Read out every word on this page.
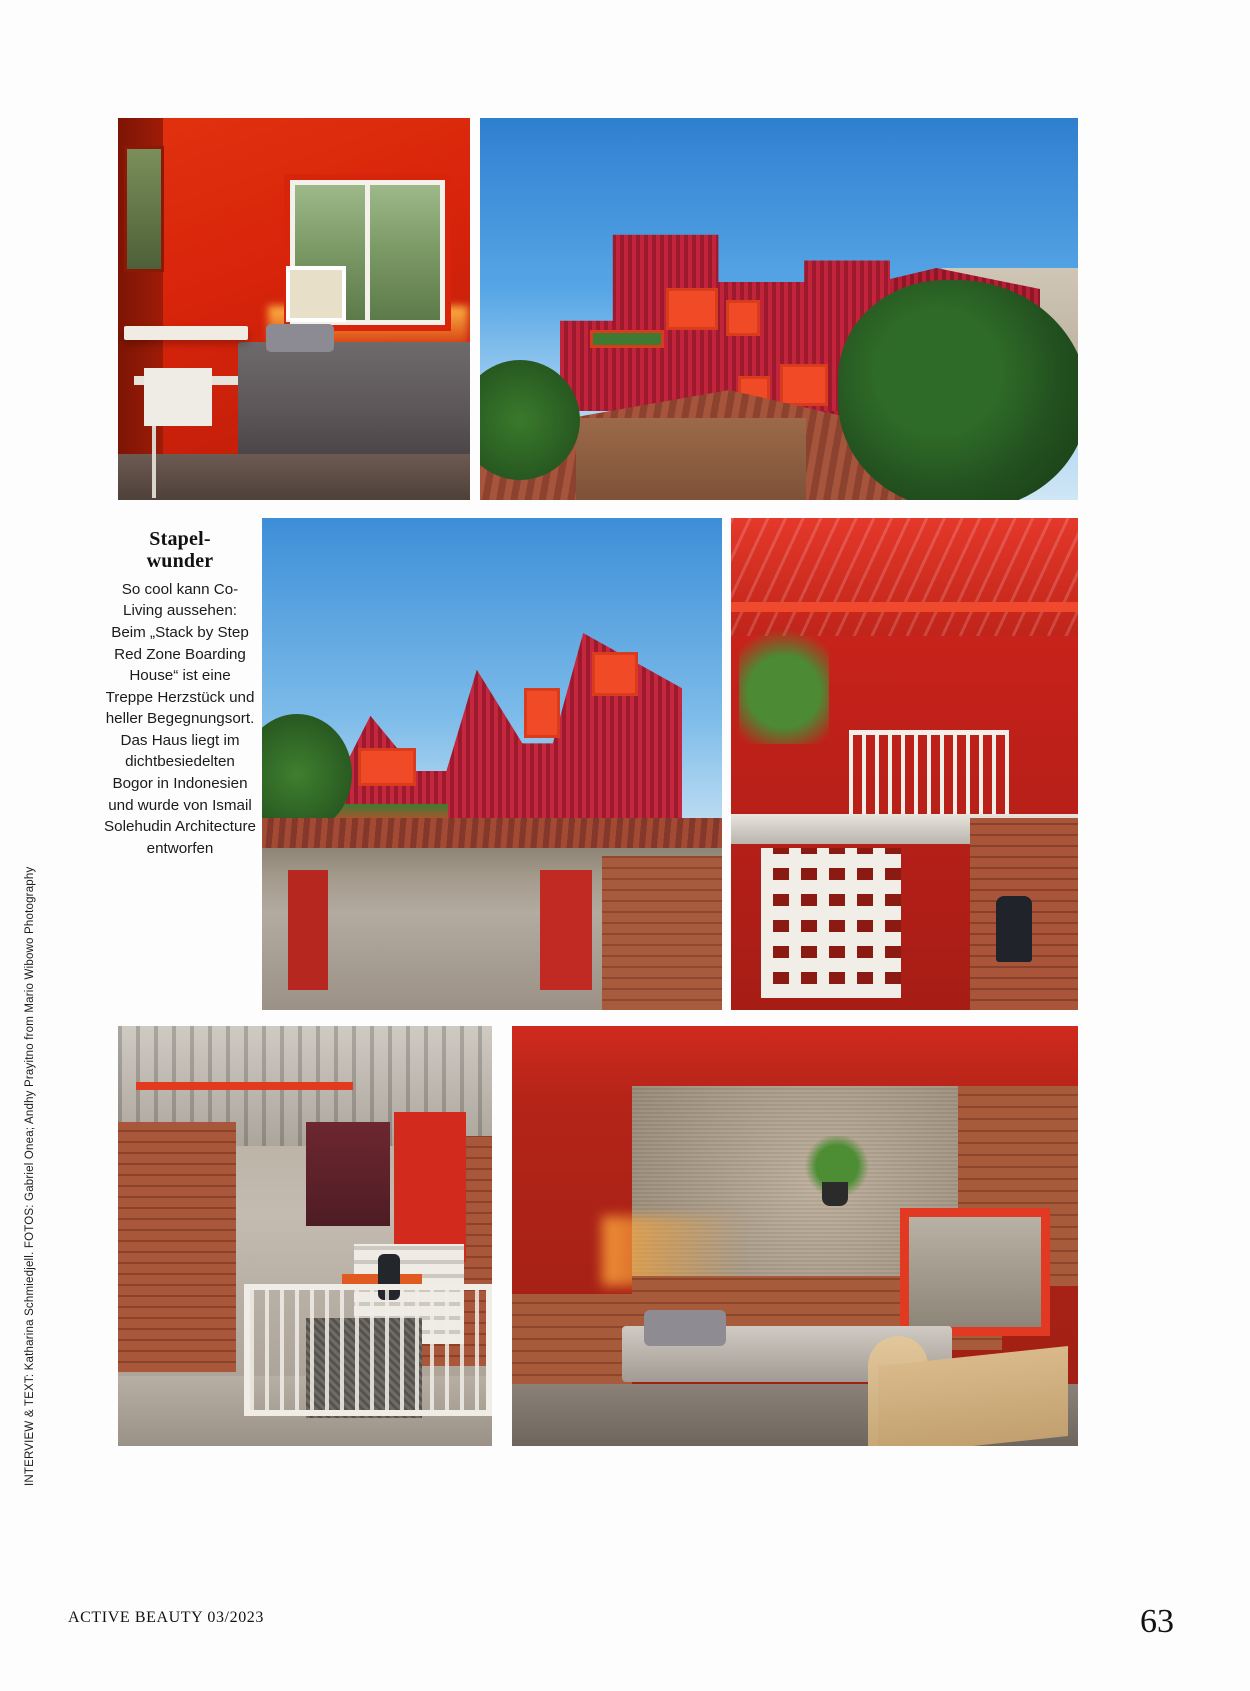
INTERVIEW & TEXT: Katharina Schmiedjell. FOTOS: Gabriel Onea; Andhy Prayitno from Mario Wibowo Photography
Stapel-
wunder

So cool kann Co-Living aussehen: Beim „Stack by Step Red Zone Boarding House“ ist eine Treppe Herzstück und heller Begegnungsort. Das Haus liegt im dichtbesiedelten Bogor in Indonesien und wurde von Ismail Solehudin Architecture entworfen

ACTIVE BEAUTY 03/2023	63
